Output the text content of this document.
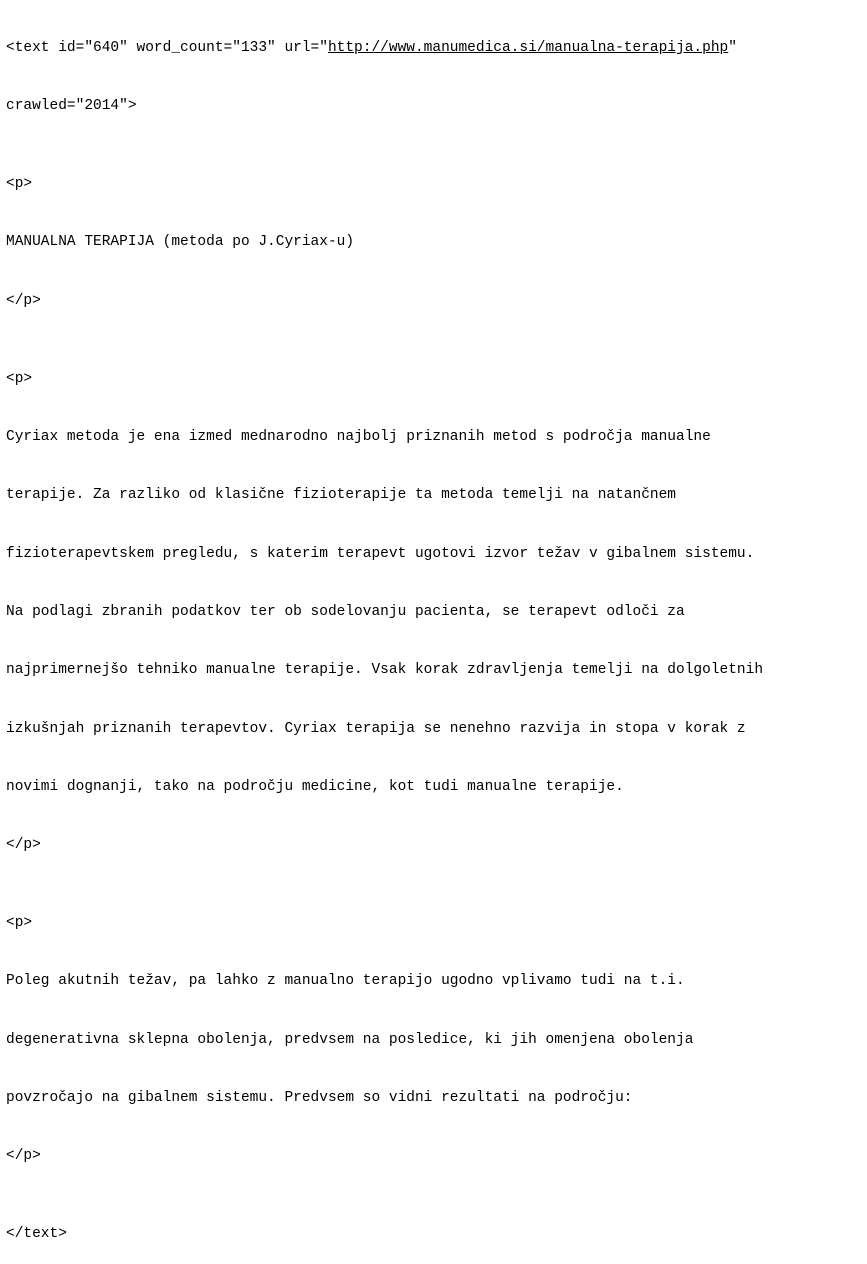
<text id="640" word_count="133" url="http://www.manumedica.si/manualna-terapija.php"

crawled="2014">

<p>

MANUALNA TERAPIJA (metoda po J.Cyriax-u)

</p>

<p>

Cyriax metoda je ena izmed mednarodno najbolj priznanih metod s področja manualne

terapije. Za razliko od klasične fizioterapije ta metoda temelji na natančnem

fizioterapevtskem pregledu, s katerim terapevt ugotovi izvor težav v gibalnem sistemu.

Na podlagi zbranih podatkov ter ob sodelovanju pacienta, se terapevt odloči za

najprimernejšo tehniko manualne terapije. Vsak korak zdravljenja temelji na dolgoletnih

izkušnjah priznanih terapevtov. Cyriax terapija se nenehno razvija in stopa v korak z

novimi dognanji, tako na področju medicine, kot tudi manualne terapije.

</p>

<p>

Poleg akutnih težav, pa lahko z manualno terapijo ugodno vplivamo tudi na t.i.

degenerativna sklepna obolenja, predvsem na posledice, ki jih omenjena obolenja

povzročajo na gibalnem sistemu. Predvsem so vidni rezultati na področju:

</p>

</text>
